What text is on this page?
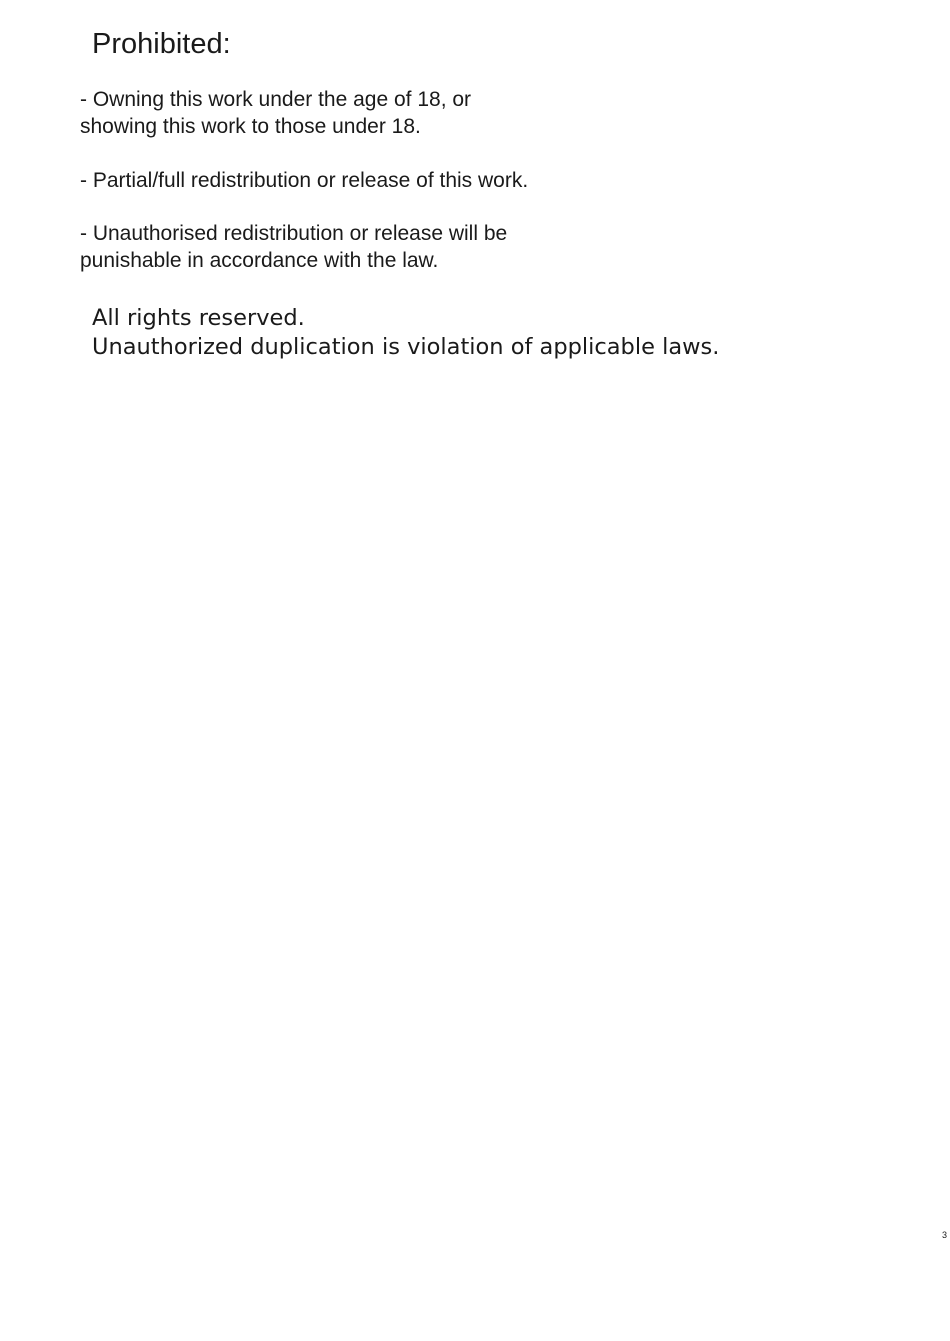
Prohibited:
- Owning this work under the age of 18, or
showing this work to those under 18.
- Partial/full redistribution or release of this work.
- Unauthorised redistribution or release will be
punishable in accordance with the law.
All rights reserved.
Unauthorized duplication is violation of applicable laws.
3
